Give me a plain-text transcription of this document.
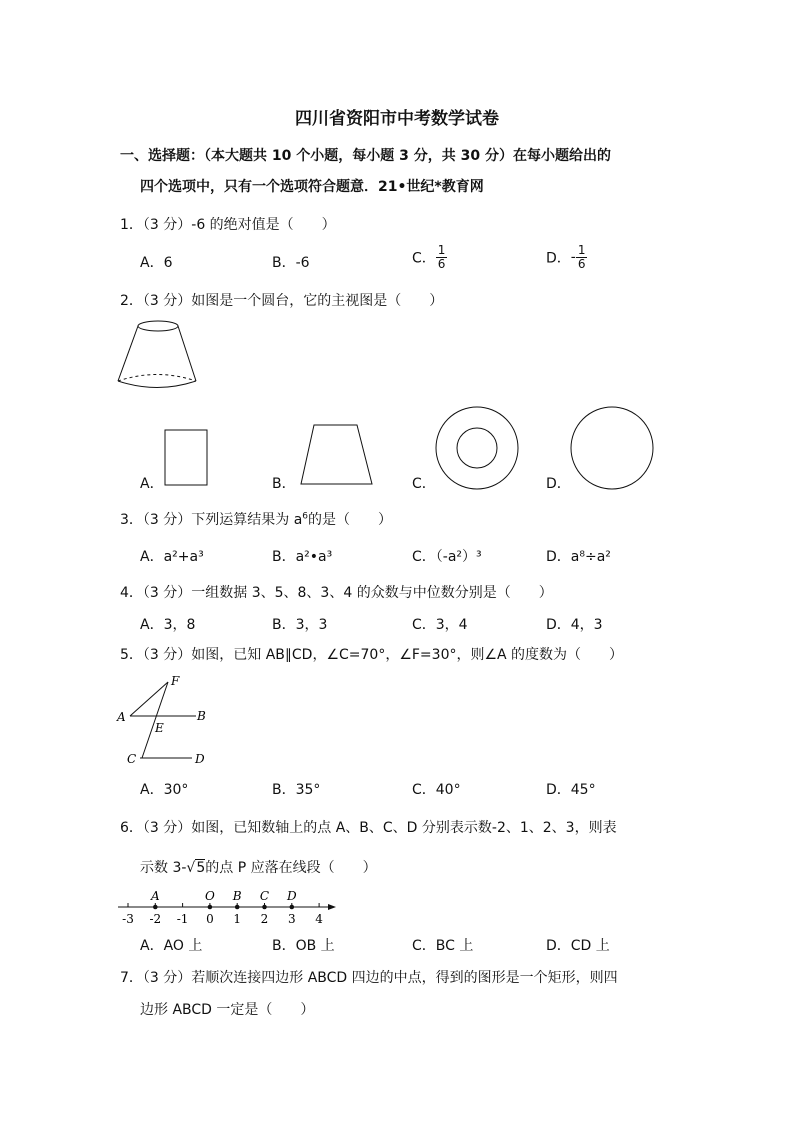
四川省资阳市中考数学试卷
一、选择题：（本大题共 10 个小题，每小题 3 分，共 30 分）在每小题给出的
四个选项中，只有一个选项符合题意．21•世纪*教育网
1．（3 分）-6 的绝对值是（　　）
A．6	B．-6	C． $\frac{1}{6}$	D．- $\frac{1}{6}$
2．（3 分）如图是一个圆台，它的主视图是（　　）
A．	B．	C．	D．
3．（3 分）下列运算结果为 $a^6$的是（　　）
A．a²+a³	B．a²•a³	C．（-a²）³	D．a⁸÷a²
4．（3 分）一组数据 3、5、8、3、4 的众数与中位数分别是（　　）
A．3，8	B．3，3	C．3，4	D．4，3
5．（3 分）如图，已知 AB∥CD，∠C=70°，∠F=30°，则∠A 的度数为（　　）
F
A	B
E
C	D
A．30°	B．35°	C．40°	D．45°
6．（3 分）如图，已知数轴上的点 A、B、C、D 分别表示数-2、1、2、3，则表
示数 3-√5的点 P 应落在线段（　　）
-3 -2 -1 0 1 2 3 4
A	O B C D
A．AO 上	B．OB 上	C．BC 上	D．CD 上
7．（3 分）若顺次连接四边形 ABCD 四边的中点，得到的图形是一个矩形，则四
边形 ABCD 一定是（　　）
